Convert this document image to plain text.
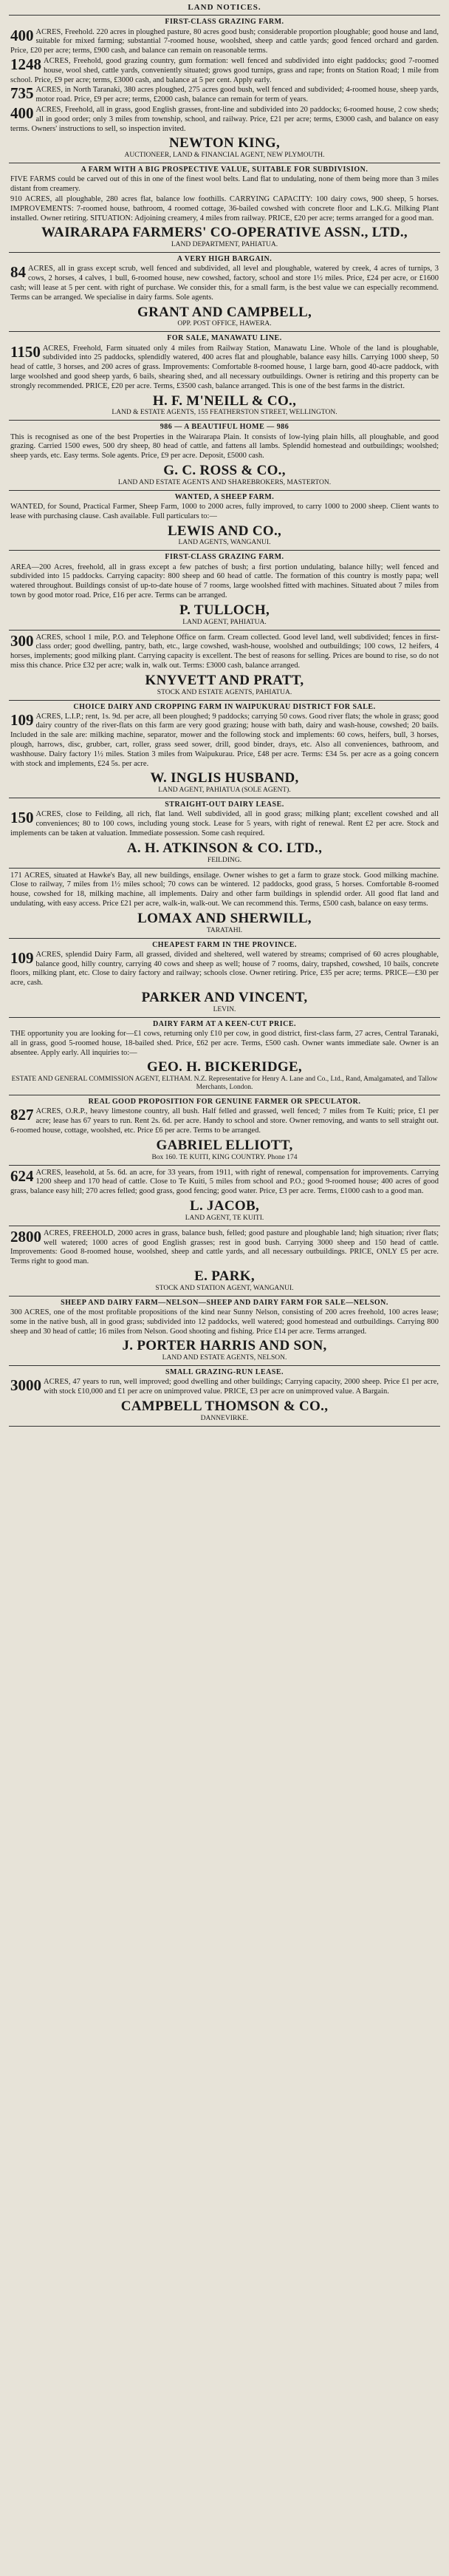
LAND NOTICES.
FIRST-CLASS GRAZING FARM.
400 ACRES, Freehold. 220 acres in ploughed pasture, 80 acres good bush; considerable proportion ploughable; good house and land, suitable for mixed farming; substantial 7-roomed house, woolshed, sheep and cattle yards; good fenced orchard and garden. Price, £20 per acre; terms, £900 cash, and balance can remain on reasonable terms.
1248 ACRES, Freehold, good grazing country, gum formation: well fenced and subdivided into eight paddocks; good 7-roomed house, wool shed, cattle yards, conveniently situated; grows good turnips, grass and rape; fronts on Station Road; 1 mile from school. Price, £9 per acre; terms, £3000 cash, and balance at 5 per cent. Apply early.
735 ACRES, in North Taranaki, 380 acres ploughed, 275 acres good bush, well fenced and subdivided; 4-roomed house, sheep yards, motor road. Price, £9 per acre; terms, £2000 cash, balance can remain for term of years.
400 ACRES, Freehold, all in grass, good English grasses, front-line and subdivided into 20 paddocks; 6-roomed house, 2 cow sheds; all in good order; only 3 miles from township, school, and railway. Price, £21 per acre; terms, £3000 cash, and balance on easy terms. Owners' instructions to sell, so inspection invited.
NEWTON KING,
AUCTIONEER, LAND & FINANCIAL AGENT, NEW PLYMOUTH.
A FARM WITH A BIG PROSPECTIVE VALUE, SUITABLE FOR SUBDIVISION.
FIVE FARMS could be carved out of this in one of the finest wool belts. Land flat to undulating, none of them being more than 3 miles distant from creamery.
910 ACRES, all ploughable, 280 acres flat, balance low foothills. CARRYING CAPACITY: 100 dairy cows, 900 sheep, 5 horses. IMPROVEMENTS: 7-roomed house, bathroom, 4 roomed cottage, 36-bailed cowshed with concrete floor and L.K.G. Milking Plant installed. Owner retiring. SITUATION: Adjoining creamery, 4 miles from railway. PRICE, £20 per acre; terms arranged for a good man.
WAIRARAPA FARMERS' CO-OPERATIVE ASSN., LTD.,
LAND DEPARTMENT, PAHIATUA.
A VERY HIGH BARGAIN.
84 ACRES, all in grass except scrub, well fenced and subdivided, all level and ploughable, watered by creek, 4 acres of turnips, 3 cows, 2 horses, 4 calves, 1 bull, 6-roomed house, new cowshed, factory, school and store 1½ miles. Price, £24 per acre, or £1600 cash; will lease at 5 per cent. with right of purchase. We consider this, for a small farm, is the best value we can especially recommend. Terms can be arranged. We specialise in dairy farms. Sole agents.
GRANT AND CAMPBELL,
OPP. POST OFFICE, HAWERA.
FOR SALE, MANAWATU LINE.
1150 ACRES, Freehold, Farm situated only 4 miles from Railway Station, Manawatu Line. Whole of the land is ploughable, subdivided into 25 paddocks, splendidly watered, 400 acres flat and ploughable, balance easy hills. Carrying 1000 sheep, 50 head of cattle, 3 horses, and 200 acres of grass. Improvements: Comfortable 8-roomed house, 1 large barn, good 40-acre paddock, with large woolshed and good sheep yards, 6 bails, shearing shed, and all necessary outbuildings. Owner is retiring and this property can be strongly recommended. PRICE, £20 per acre. Terms, £3500 cash, balance arranged. This is one of the best farms in the district.
H. F. M'NEILL & CO.,
LAND & ESTATE AGENTS, 155 FEATHERSTON STREET, WELLINGTON.
986 — A BEAUTIFUL HOME — 986
This is recognised as one of the best Properties in the Wairarapa Plain. It consists of low-lying plain hills, all ploughable, and good grazing. Carried 1500 ewes, 500 dry sheep, 80 head of cattle, and fattens all lambs. Splendid homestead and outbuildings; woolshed; sheep yards, etc. Easy terms. Sole agents. Price, £9 per acre. Deposit, £5000 cash.
G. C. ROSS & CO.,
LAND AND ESTATE AGENTS AND SHAREBROKERS, MASTERTON.
WANTED, A SHEEP FARM.
WANTED, for Sound, Practical Farmer, Sheep Farm, 1000 to 2000 acres, fully improved, to carry 1000 to 2000 sheep. Client wants to lease with purchasing clause. Cash available. Full particulars to:—
LEWIS AND CO.,
LAND AGENTS, WANGANUI.
FIRST-CLASS GRAZING FARM.
AREA—200 Acres, freehold, all in grass except a few patches of bush; a first portion undulating, balance hilly; well fenced and subdivided into 15 paddocks. Carrying capacity: 800 sheep and 60 head of cattle. The formation of this country is mostly papa; well watered throughout. Buildings consist of up-to-date house of 7 rooms, large woolshed fitted with machines. Situated about 7 miles from town by good motor road. Price, £16 per acre. Terms can be arranged.
P. TULLOCH,
LAND AGENT, PAHIATUA.
300 ACRES, school 1 mile, P.O. and Telephone Office on farm. Cream collected. Good level land, well subdivided; fences in first-class order; good dwelling, pantry, bath, etc., large cowshed, wash-house, woolshed and outbuildings; 100 cows, 12 heifers, 4 horses, implements; good milking plant. Carrying capacity is excellent. The best of reasons for selling. Prices are bound to rise, so do not miss this chance. Price £32 per acre; walk in, walk out. Terms: £3000 cash, balance arranged.
KNYVETT AND PRATT,
STOCK AND ESTATE AGENTS, PAHIATUA.
CHOICE DAIRY AND CROPPING FARM IN WAIPUKURAU DISTRICT FOR SALE.
109 ACRES, L.I.P.; rent, 1s. 9d. per acre, all been ploughed; 9 paddocks; carrying 50 cows. Good river flats; the whole in grass; good dairy country of the river-flats on this farm are very good grazing; house with bath, dairy and wash-house, cowshed; 20 bails. Included in the sale are: milking machine, separator, mower and the following stock and implements: 60 cows, heifers, bull, 3 horses, plough, harrows, disc, grubber, cart, roller, grass seed sower, drill, good binder, drays, etc. Also all conveniences, bathroom, and washhouse. Dairy factory 1½ miles. Station 3 miles from Waipukurau. Price, £48 per acre. Terms: £34 5s. per acre as a going concern with stock and implements, £24 5s. per acre.
W. INGLIS HUSBAND,
LAND AGENT, PAHIATUA (SOLE AGENT).
STRAIGHT-OUT DAIRY LEASE.
150 ACRES, close to Feilding, all rich, flat land. Well subdivided, all in good grass; milking plant; excellent cowshed and all conveniences; 80 to 100 cows, including young stock. Lease for 5 years, with right of renewal. Rent £2 per acre. Stock and implements can be taken at valuation. Immediate possession. Some cash required.
A. H. ATKINSON & CO. LTD.,
FEILDING.
171 ACRES, situated at Hawke's Bay, all new buildings, ensilage. Owner wishes to get a farm to graze stock. Good milking machine. Close to railway, 7 miles from 1½ miles school; 70 cows can be wintered. 12 paddocks, good grass, 5 horses. Comfortable 8-roomed house, cowshed for 18, milking machine, all implements. Dairy and other farm buildings in splendid order. All good flat land and undulating, with easy access. Price £21 per acre, walk-in, walk-out. We can recommend this. Terms, £500 cash, balance on easy terms.
LOMAX AND SHERWILL,
TARATAHI.
CHEAPEST FARM IN THE PROVINCE.
109 ACRES, splendid Dairy Farm, all grassed, divided and sheltered, well watered by streams; comprised of 60 acres ploughable, balance good, hilly country, carrying 40 cows and sheep as well; house of 7 rooms, dairy, trapshed, cowshed, 10 bails, concrete floors, milking plant, etc. Close to dairy factory and railway; schools close. Owner retiring. Price, £35 per acre; terms. PRICE—£30 per acre, cash.
PARKER AND VINCENT,
LEVIN.
DAIRY FARM AT A KEEN-CUT PRICE.
THE opportunity you are looking for—£1 cows, returning only £10 per cow, in good district, first-class farm, 27 acres, Central Taranaki, all in grass, good 5-roomed house, 18-bailed shed. Price, £62 per acre. Terms, £500 cash. Owner wants immediate sale. Owner is an absentee. Apply early. All inquiries to:—
GEO. H. BICKERIDGE,
ESTATE AND GENERAL COMMISSION AGENT, ELTHAM. N.Z. Representative for Henry A. Lane and Co., Ltd., Rand, Amalgamated, and Tallow Merchants, London.
REAL GOOD PROPOSITION FOR GENUINE FARMER OR SPECULATOR.
827 ACRES, O.R.P., heavy limestone country, all bush. Half felled and grassed, well fenced; 7 miles from Te Kuiti; price, £1 per acre; lease has 67 years to run. Rent 2s. 6d. per acre. Handy to school and store. Owner removing, and wants to sell straight out. 6-roomed house, cottage, woolshed, etc. Price £6 per acre. Terms to be arranged.
GABRIEL ELLIOTT,
Box 160. TE KUITI, KING COUNTRY. Phone 174
624 ACRES, leasehold, at 5s. 6d. an acre, for 33 years, from 1911, with right of renewal, compensation for improvements. Carrying 1200 sheep and 170 head of cattle. Close to Te Kuiti, 5 miles from school and P.O.; good 9-roomed house; 400 acres of good grass, balance easy hill; 270 acres felled; good grass, good fencing; good water. Price, £3 per acre. Terms, £1000 cash to a good man.
L. JACOB,
LAND AGENT, TE KUITI.
2800 ACRES, FREEHOLD, 2000 acres in grass, balance bush, felled; good pasture and ploughable land; high situation; river flats; well watered; 1000 acres of good English grasses; rest in good bush. Carrying 3000 sheep and 150 head of cattle. Improvements: Good 8-roomed house, woolshed, sheep and cattle yards, and all necessary outbuildings. PRICE, ONLY £5 per acre. Terms right to good man.
E. PARK,
STOCK AND STATION AGENT, WANGANUI.
SHEEP AND DAIRY FARM—NELSON—SHEEP AND DAIRY FARM FOR SALE—NELSON.
300 ACRES, one of the most profitable propositions of the kind near Sunny Nelson, consisting of 200 acres freehold, 100 acres lease; some in the native bush, all in good grass; subdivided into 12 paddocks, well watered; good homestead and outbuildings. Carrying 800 sheep and 30 head of cattle; 16 miles from Nelson. Good shooting and fishing. Price £14 per acre. Terms arranged.
J. PORTER HARRIS AND SON,
LAND AND ESTATE AGENTS, NELSON.
SMALL GRAZING-RUN LEASE.
3000 ACRES, 47 years to run, well improved; good dwelling and other buildings; Carrying capacity, 2000 sheep. Price £1 per acre, with stock £10,000 and £1 per acre on unimproved value. PRICE, £3 per acre on unimproved value. A Bargain.
CAMPBELL THOMSON & CO.,
DANNEVIRKE.
